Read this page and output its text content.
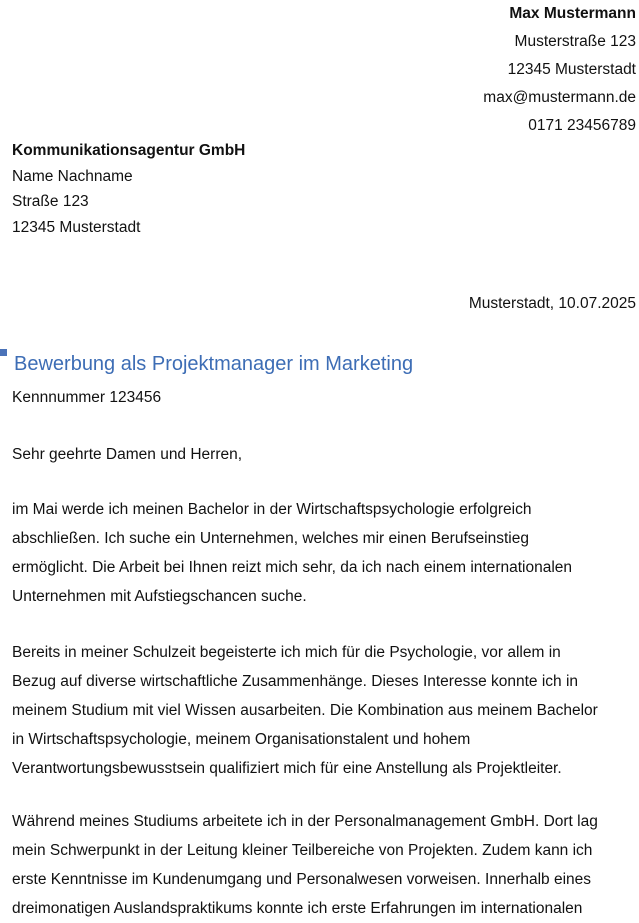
Max Mustermann
Musterstraße 123
12345 Musterstadt
max@mustermann.de
0171 23456789
Kommunikationsagentur GmbH
Name Nachname
Straße 123
12345 Musterstadt
Musterstadt, 10.07.2025
Bewerbung als Projektmanager im Marketing
Kennnummer 123456
Sehr geehrte Damen und Herren,
im Mai werde ich meinen Bachelor in der Wirtschaftspsychologie erfolgreich
abschließen. Ich suche ein Unternehmen, welches mir einen Berufseinstieg
ermöglicht. Die Arbeit bei Ihnen reizt mich sehr, da ich nach einem internationalen
Unternehmen mit Aufstiegschancen suche.
Bereits in meiner Schulzeit begeisterte ich mich für die Psychologie, vor allem in
Bezug auf diverse wirtschaftliche Zusammenhänge. Dieses Interesse konnte ich in
meinem Studium mit viel Wissen ausarbeiten. Die Kombination aus meinem Bachelor
in Wirtschaftspsychologie, meinem Organisationstalent und hohem
Verantwortungsbewusstsein qualifiziert mich für eine Anstellung als Projektleiter.
Während meines Studiums arbeitete ich in der Personalmanagement GmbH. Dort lag
mein Schwerpunkt in der Leitung kleiner Teilbereiche von Projekten. Zudem kann ich
erste Kenntnisse im Kundenumgang und Personalwesen vorweisen. Innerhalb eines
dreimonatigen Auslandspraktikums konnte ich erste Erfahrungen im internationalen
